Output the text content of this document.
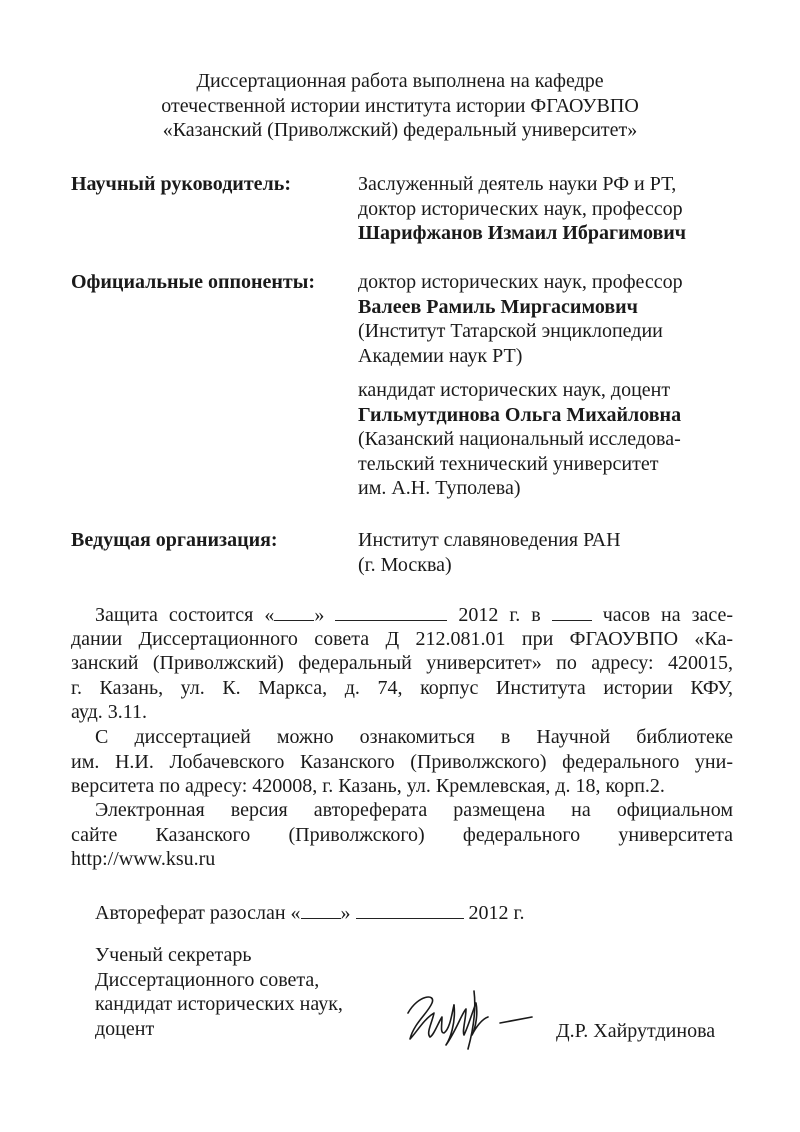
Диссертационная работа выполнена на кафедре
отечественной истории института истории ФГАОУВПО
«Казанский (Приволжский) федеральный университет»
Научный руководитель:	Заслуженный деятель науки РФ и РТ,
доктор исторических наук, профессор
Шарифжанов Измаил Ибрагимович
Официальные оппоненты: доктор исторических наук, профессор
Валеев Рамиль Миргасимович
(Институт Татарской энциклопедии
Академии наук РТ)
кандидат исторических наук, доцент
Гильмутдинова Ольга Михайловна
(Казанский национальный исследова-
тельский технический университет
им. А.Н. Туполева)
Ведущая организация:	Институт славяноведения РАН
(г. Москва)
Защита состоится « »	2012 г. в	часов на засе-
дании Диссертационного совета Д 212.081.01 при ФГАОУВПО «Ка-
занский (Приволжский) федеральный университет» по адресу: 420015,
г. Казань, ул. К. Маркса, д. 74, корпус Института истории КФУ,
ауд. 3.11.
С диссертацией можно ознакомиться в Научной библиотеке
им. Н.И. Лобачевского Казанского (Приволжского) федерального уни-
верситета по адресу: 420008, г. Казань, ул. Кремлевская, д. 18, корп.2.
Электронная версия автореферата размещена на официальном
сайте Казанского (Приволжского) федерального университета
http://www.ksu.ru
Автореферат разослан « »	2012 г.
Ученый секретарь
Диссертационного совета,
кандидат исторических наук,
доцент	Д.Р. Хайрутдинова
